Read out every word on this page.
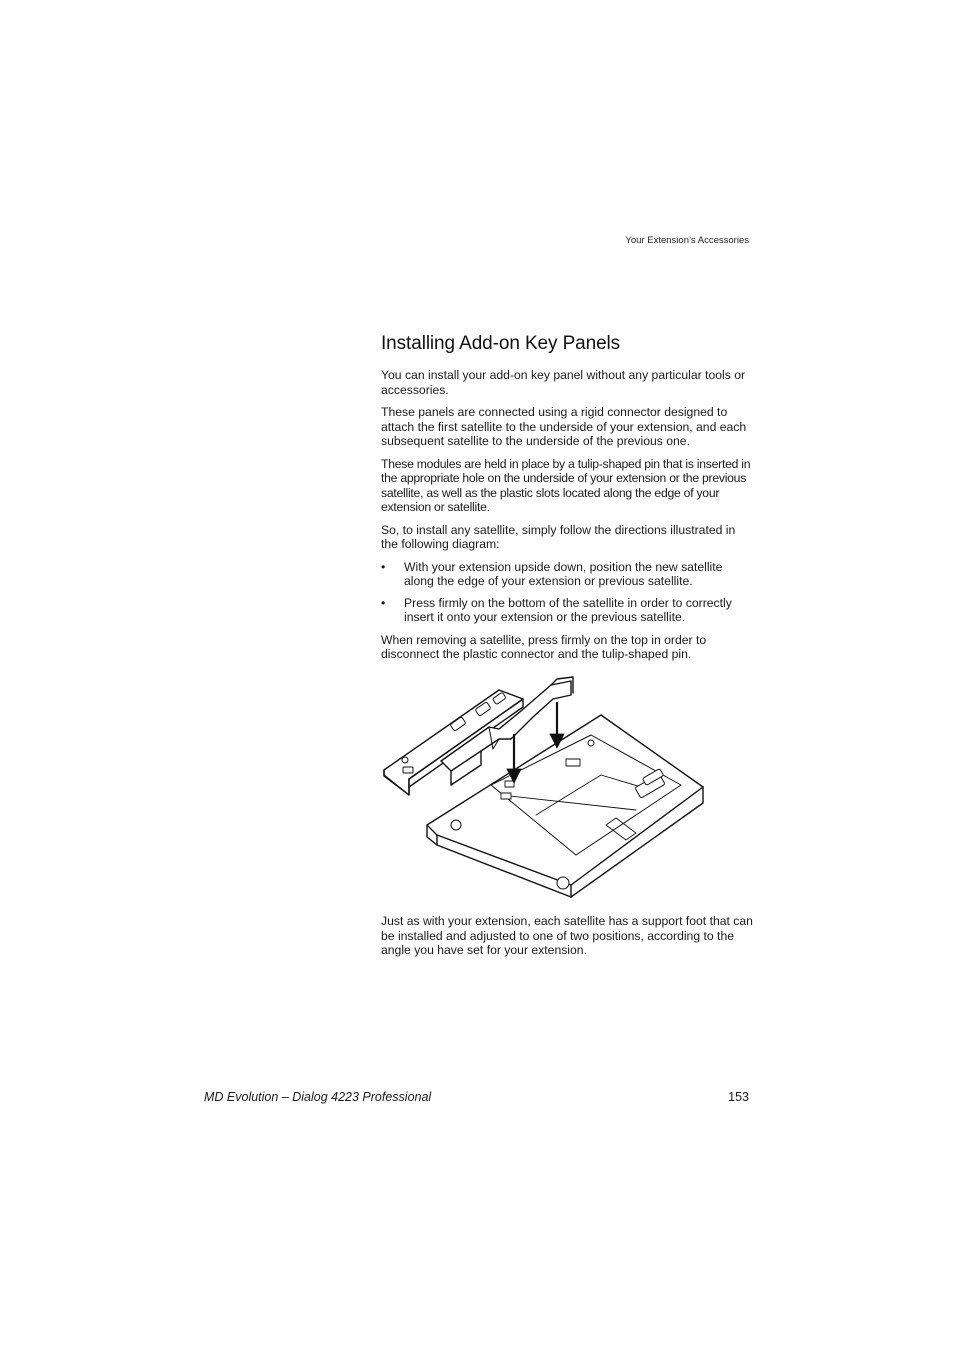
Your Extension’s Accessories
Installing Add-on Key Panels

You can install your add-on key panel without any particular tools or accessories.

These panels are connected using a rigid connector designed to attach the first satellite to the underside of your extension, and each subsequent satellite to the underside of the previous one.

These modules are held in place by a tulip-shaped pin that is inserted in the appropriate hole on the underside of your extension or the previous satellite, as well as the plastic slots located along the edge of your extension or satellite.

So, to install any satellite, simply follow the directions illustrated in the following diagram:

• With your extension upside down, position the new satellite along the edge of your extension or previous satellite.
• Press firmly on the bottom of the satellite in order to correctly insert it onto your extension or the previous satellite.

When removing a satellite, press firmly on the top in order to disconnect the plastic connector and the tulip-shaped pin.

Just as with your extension, each satellite has a support foot that can be installed and adjusted to one of two positions, according to the angle you have set for your extension.

MD Evolution – Dialog 4223 Professional	153
